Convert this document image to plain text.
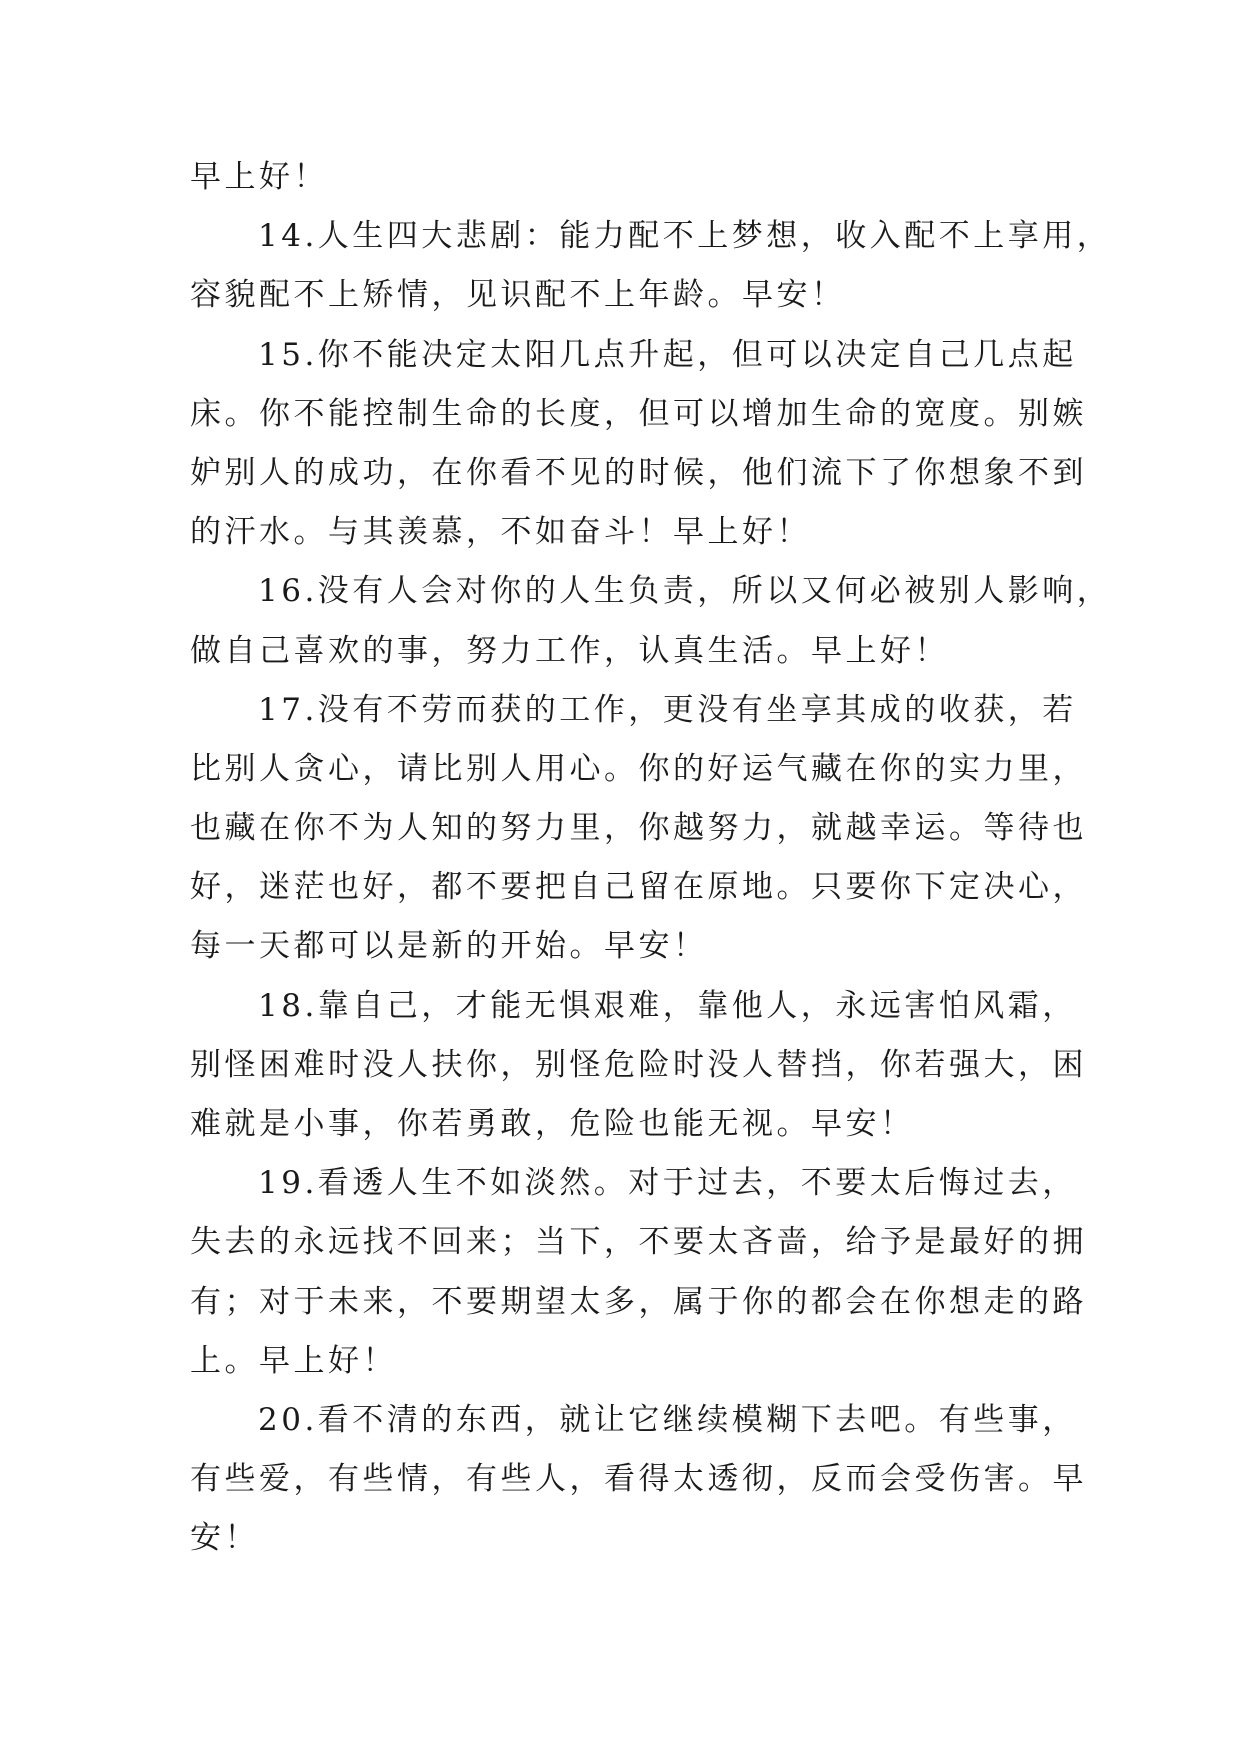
早上好！
14.人生四大悲剧：能力配不上梦想，收入配不上享用，
容貌配不上矫情，见识配不上年龄。早安！
15.你不能决定太阳几点升起，但可以决定自己几点起
床。你不能控制生命的长度，但可以增加生命的宽度。别嫉
妒别人的成功，在你看不见的时候，他们流下了你想象不到
的汗水。与其羡慕，不如奋斗！早上好！
16.没有人会对你的人生负责，所以又何必被别人影响，
做自己喜欢的事，努力工作，认真生活。早上好！
17.没有不劳而获的工作，更没有坐享其成的收获，若
比别人贪心，请比别人用心。你的好运气藏在你的实力里，
也藏在你不为人知的努力里，你越努力，就越幸运。等待也
好，迷茫也好，都不要把自己留在原地。只要你下定决心，
每一天都可以是新的开始。早安！
18.靠自己，才能无惧艰难，靠他人，永远害怕风霜，
别怪困难时没人扶你，别怪危险时没人替挡，你若强大，困
难就是小事，你若勇敢，危险也能无视。早安！
19.看透人生不如淡然。对于过去，不要太后悔过去，
失去的永远找不回来；当下，不要太吝啬，给予是最好的拥
有；对于未来，不要期望太多，属于你的都会在你想走的路
上。早上好！
20.看不清的东西，就让它继续模糊下去吧。有些事，
有些爱，有些情，有些人，看得太透彻，反而会受伤害。早
安！
